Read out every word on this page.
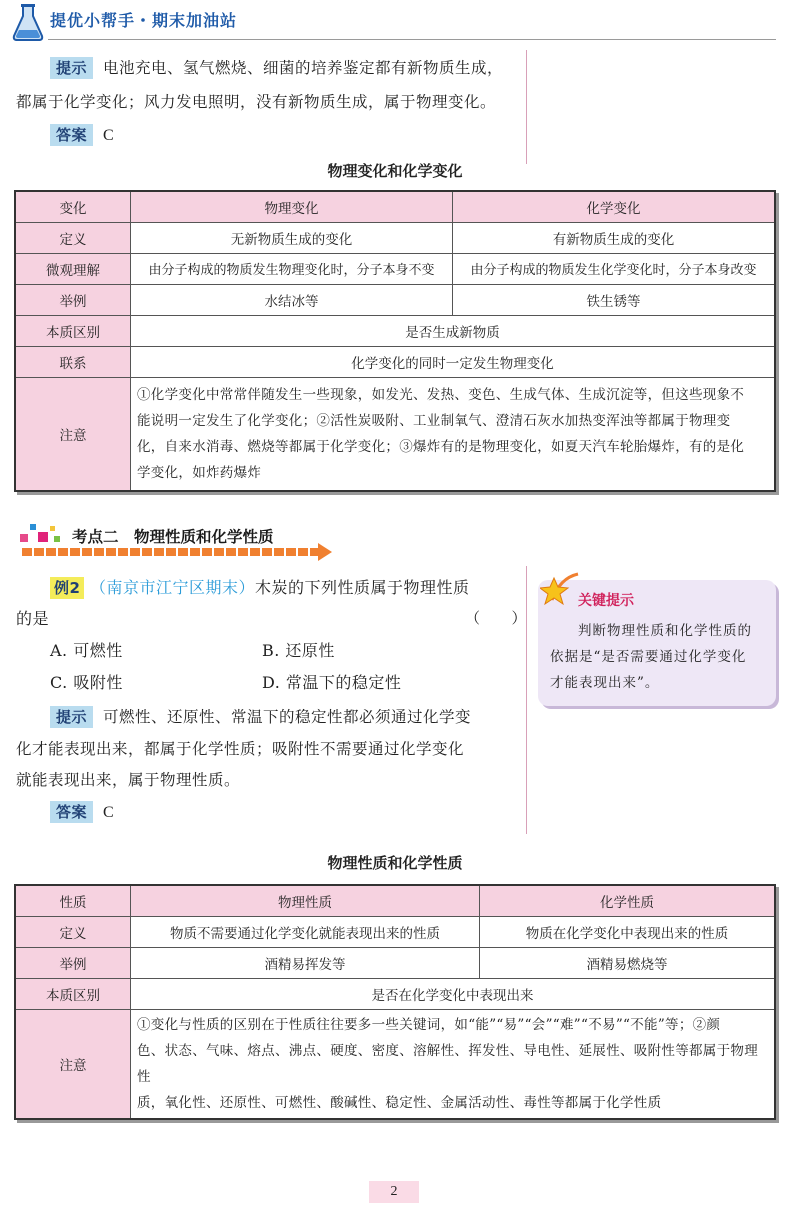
提优小帮手・期末加油站
提示 电池充电、氢气燃烧、细菌的培养鉴定都有新物质生成，
都属于化学变化；风力发电照明，没有新物质生成，属于物理变化。
答案 C
物理变化和化学变化
变化	物理变化	化学变化
定义	无新物质生成的变化	有新物质生成的变化
微观理解	由分子构成的物质发生物理变化时，分子本身不变	由分子构成的物质发生化学变化时，分子本身改变
举例	水结冰等	铁生锈等
本质区别	是否生成新物质	
联系	化学变化的同时一定发生物理变化	
注意	①化学变化中常常伴随发生一些现象，如发光、发热、变色、生成气体、生成沉淀等，但这些现象不
能说明一定发生了化学变化；②活性炭吸附、工业制氧气、澄清石灰水加热变浑浊等都属于物理变
化，自来水消毒、燃烧等都属于化学变化；③爆炸有的是物理变化，如夏天汽车轮胎爆炸，有的是化
学变化，如炸药爆炸	
考点二　物理性质和化学性质
例2 （南京市江宁区期末）木炭的下列性质属于物理性质
的是	（　　）
A. 可燃性	B. 还原性
C. 吸附性	D. 常温下的稳定性
提示 可燃性、还原性、常温下的稳定性都必须通过化学变
化才能表现出来，都属于化学性质；吸附性不需要通过化学变化
就能表现出来，属于物理性质。
答案 C
关键提示
判断物理性质和化学性质的
依据是“是否需要通过化学变化
才能表现出来”。
物理性质和化学性质
性质	物理性质	化学性质
定义	物质不需要通过化学变化就能表现出来的性质	物质在化学变化中表现出来的性质
举例	酒精易挥发等	酒精易燃烧等
本质区别	是否在化学变化中表现出来	
注意	①变化与性质的区别在于性质往往要多一些关键词，如“能”“易”“会”“难”“不易”“不能”等；②颜
色、状态、气味、熔点、沸点、硬度、密度、溶解性、挥发性、导电性、延展性、吸附性等都属于物理性
质，氧化性、还原性、可燃性、酸碱性、稳定性、金属活动性、毒性等都属于化学性质	
2
